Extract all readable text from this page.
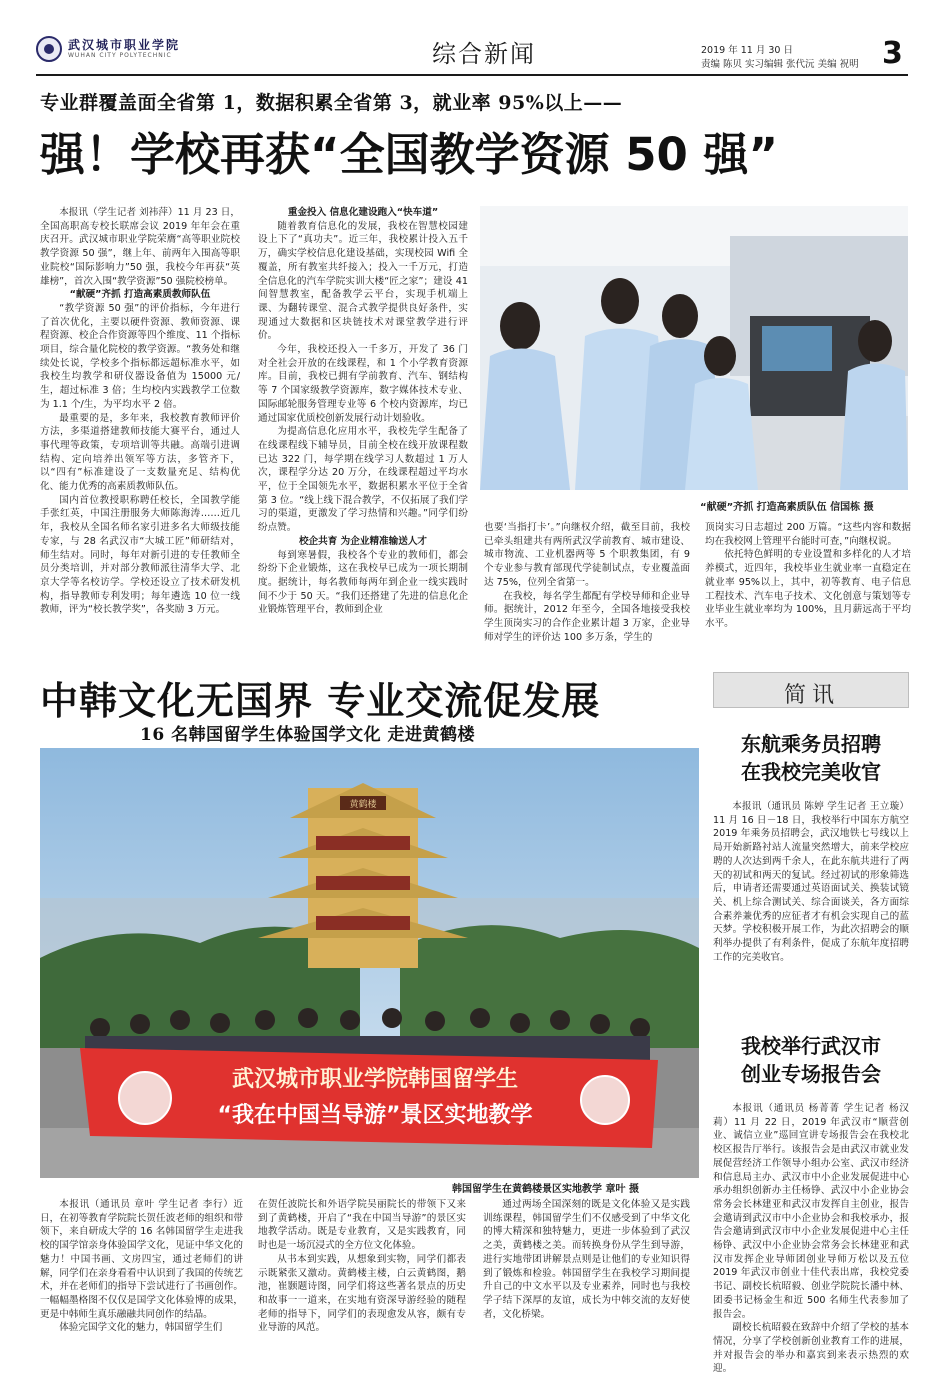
武汉城市职业学院
WUHAN CITY POLYTECHNIC	综合新闻	2019 年 11 月 30 日
责编 陈贝 实习编辑 张代沅 美编 祝明 3
专业群覆盖面全省第 1，数据积累全省第 3，就业率 95%以上——
强！学校再获“全国教学资源 50 强”

本报讯（学生记者 刘祎萍）11 月 23 日，全国高职高专校长联席会议 2019 年年会在重庆召开。武汉城市职业学院荣膺“高等职业院校教学资源 50 强”，继上年、前两年入围高等职业院校“国际影响力”50 强，我校今年再获“英雄榜”，首次入围“教学资源”50 强院校榜单。

“献硬”齐抓 打造高素质教师队伍

“教学资源 50 强”的评价指标，今年进行了首次优化，主要以硬件资源、教师资源、课程资源、校企合作资源等四个维度、11 个指标项目，综合量化院校的教学资源。“教务处和继续处长说，学校多个指标都远超标准水平，如我校生均教学和研仪器设备值为 15000 元/生，超过标准 3 倍；生均校内实践教学工位数为 1.1 个/生，为平均水平 2 倍。

最重要的是，多年来，我校教育教师评价方法，多渠道搭建教师技能大赛平台，通过人事代理等政策，专项培训等共融。高端引进调结构、定向培养出领军等方法，多管齐下，以“四有”标准建设了一支数量充足、结构优化、能力优秀的高素质教师队伍。

国内首位教授职称聘任校长，全国教学能手张红英，中国注册服务大师陈海涛……近几年，我校从全国名师名家引进多名大师级技能专家，与 28 名武汉市“大城工匠”师研结对，师生结对。同时，每年对新引进的专任教师全员分类培训，并对部分教师派往清华大学、北京大学等名校访学。学校还设立了技术研发机构，指导教师专利发明；每年遴选 10 位一线教师，评为“校长教学奖”，各奖励 3 万元。

重金投入 信息化建设跑入“快车道”

随着教育信息化的发展，我校在智慧校园建设上下了“真功夫”。近三年，我校累计投入五千万，确实学校信息化建设基础，实现校园 Wifi 全覆盖，所有教室共纤接入；投入一千万元，打造全信息化的汽车学院实训大楼“匠之家”；建设 41 间智慧教室，配备教学云平台，实现手机端上课、为翻转课堂、混合式教学提供良好条件，实现通过大数据和区块链技术对课堂教学进行评价。

今年，我校还投入一千多万，开发了 36 门对全社会开放的在线课程，和 1 个小学教育资源库。目前，我校已拥有学前教育、汽车、钢结构等 7 个国家级教学资源库，数字媒体技术专业、国际邮轮服务管理专业等 6 个校内资源库，均已通过国家优质校创新发展行动计划验收。

为提高信息化应用水平，我校先学生配备了在线课程线下辅导员，目前全校在线开放课程数已达 322 门，每学期在线学习人数超过 1 万人次，课程学分达 20 万分，在线课程超过平均水平，位于全国领先水平，数据积累水平位于全省第 3 位。“线上线下混合教学，不仅拓展了我们学习的渠道，更激发了学习热情和兴趣。”同学们纷纷点赞。

校企共育 为企业精准输送人才

每到寒暑假，我校各个专业的教师们，都会纷纷下企业锻炼，这在我校早已成为一项长期制度。据统计，每名教师每两年到企业一线实践时间不少于 50 天。“我们还搭建了先进的信息化企业锻炼管理平台，教师到企业

“献硬”齐抓 打造高素质队伍 信国栋 摄

也要‘当指打卡’。”向继权介绍，截至目前，我校已牵头组建共有两所武汉学前教育、城市建设、城市物流、工业机器两等 5 个职教集团，有 9 个专业参与教育部现代学徒制试点，专业覆盖面达 75%，位列全省第一。

在我校，每名学生都配有学校导师和企业导师。据统计，2012 年至今，全国各地接受我校学生顶岗实习的合作企业累计超 3 万家，企业导师对学生的评价达 100 多万条，学生的

顶岗实习日志超过 200 万篇。“这些内容和数据均在我校网上管理平台能时可查，”向继权说。

依托特色鲜明的专业设置和多样化的人才培养模式，近四年，我校毕业生就业率一直稳定在就业率 95%以上，其中，初等教育、电子信息工程技术、汽车电子技术、文化创意与策划等专业毕业生就业率均为 100%，且月薪远高于平均水平。

中韩文化无国界 专业交流促发展
16 名韩国留学生体验国学文化 走进黄鹤楼
黄鹤楼
武汉城市职业学院韩国留学生
“我在中国当导游”景区实地教学
韩国留学生在黄鹤楼景区实地教学 章叶 摄

本报讯（通讯员 章叶 学生记者 李行）近日，在初等教育学院院长贺任波老师的组织和带领下，来自研成大学的 16 名韩国留学生走进我校的国学馆亲身体验国学文化，见证中华文化的魅力！中国书画、文房四宝，通过老师们的讲解，同学们在亲身看看中认识到了我国的传统艺术，并在老师们的指导下尝试进行了书画创作。一幅幅墨格图不仅仅是国学文化体验博的成果，更是中韩师生真乐融融共同创作的结晶。

体验完国学文化的魅力，韩国留学生们

在贺任波院长和外语学院吴丽院长的带领下又来到了黄鹤楼，开启了“我在中国当导游”的景区实地教学活动。既是专业教育，又是实践教育，同时也是一场沉浸式的全方位文化体验。

从书本到实践，从想象到实物，同学们都表示既紧张又激动。黄鹤楼主楼，白云黄鹤图，鹅池，崔颢题诗图，同学们将这些著名景点的历史和故事一一道来，在实地有资深导游经验的随程老师的指导下，同学们的表现愈发从容，颇有专业导游的风范。

通过两场全国深刻的既是文化体验又是实践训练课程，韩国留学生们不仅感受到了中华文化的博大精深和独特魅力，更进一步体验到了武汉之美，黄鹤楼之美。而转换身份从学生到导游，进行实地带团讲解景点则是让他们的专业知识得到了锻炼和检验。韩国留学生在我校学习期间提升自己的中文水平以及专业素养，同时也与我校学子结下深厚的友谊，成长为中韩交流的友好使者，文化桥梁。

简讯
东航乘务员招聘
在我校完美收官

本报讯（通讯员 陈婷 学生记者 王立璇）11 月 16 日－18 日，我校举行中国东方航空 2019 年乘务员招聘会，武汉地铁七号线以上局开始新路衬站人流量突然增大，前来学校应聘的人次达到两千余人，在此东航共进行了两天的初试和两天的复试。经过初试的形象筛选后，申请者还需要通过英语面试关、换装试镜关、机上综合测试关、综合面谈关，各方面综合素养兼优秀的应征者才有机会实现自己的蓝天梦。学校积极开展工作，为此次招聘会的顺利举办提供了有利条件，促成了东航年度招聘工作的完美收官。

我校举行武汉市
创业专场报告会

本报讯（通讯员 杨菁菁 学生记者 杨汉莉）11 月 22 日，2019 年武汉市“顺营创业、诚信立业”巡回宣讲专场报告会在我校北校区报告厅举行。该报告会是由武汉市就业发展促营经济工作领导小组办公室、武汉市经济和信息局主办、武汉市中小企业发展促进中心承办组织创新办主任杨铮、武汉中小企业协会常务会长林建亚和武汉市发挥自主创业，报告会邀请到武汉市中小企业协会和我校承办，报告会邀请到武汉市中小企业发展促进中心主任杨铮、武汉中小企业协会常务会长林建亚和武汉市发挥企业导师团创业导师万松以及五位 2019 年武汉市创业十佳代表出席，我校党委书记、副校长杭昭毅、创业学院院长潘中林、团委书记杨金生和近 500 名师生代表参加了报告会。

副校长杭昭毅在致辞中介绍了学校的基本情况，分享了学校创新创业教育工作的进展，并对报告会的举办和嘉宾到来表示热烈的欢迎。
